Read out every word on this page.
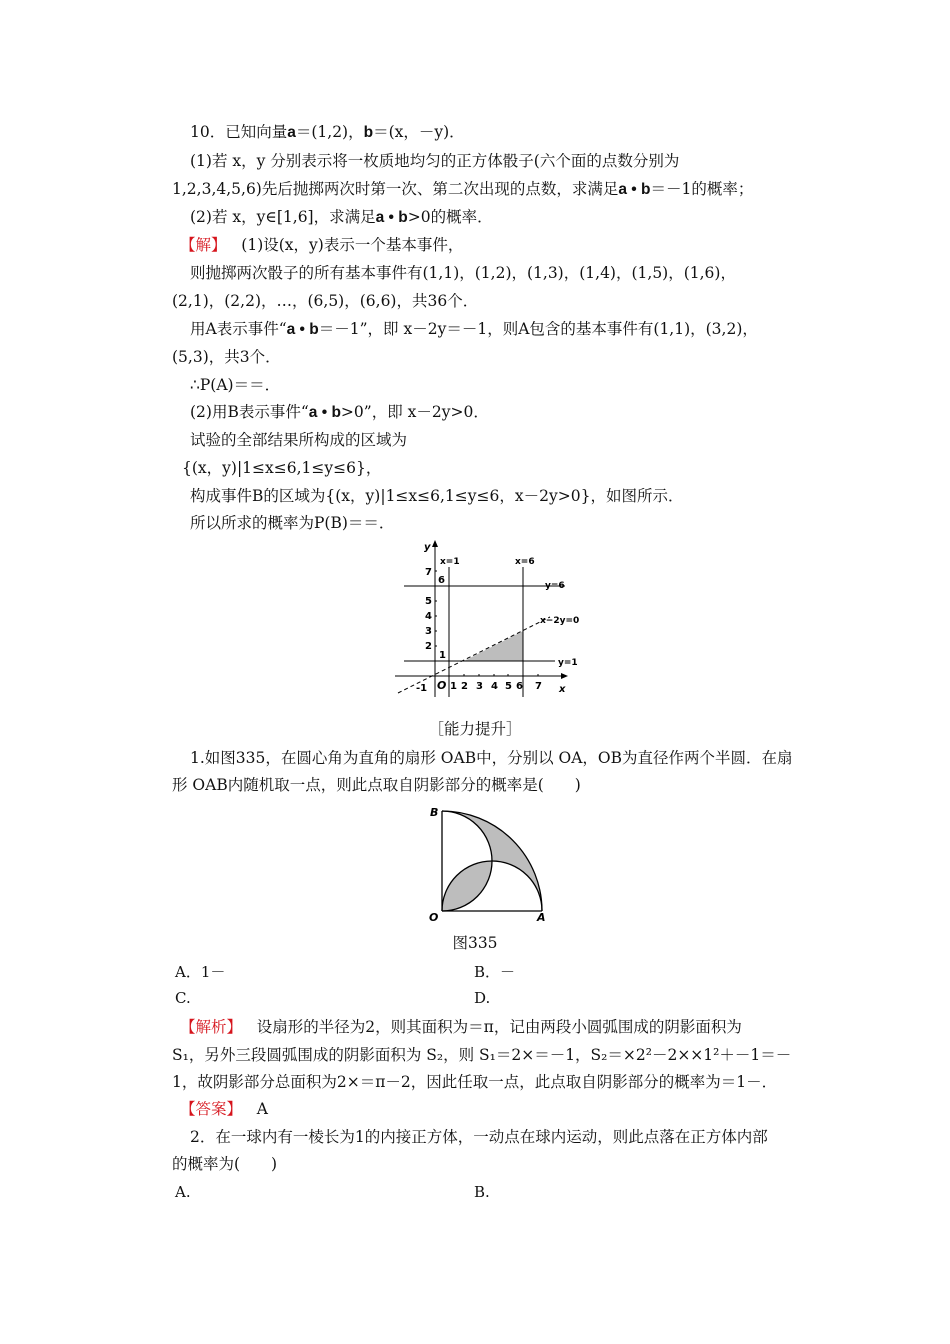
10．已知向量a＝(1,2)，b＝(x，－y)．
(1)若 x，y 分别表示将一枚质地均匀的正方体骰子(六个面的点数分别为
1,2,3,4,5,6)先后抛掷两次时第一次、第二次出现的点数，求满足a • b＝－1的概率；
(2)若 x，y∈[1,6]，求满足a • b>0的概率．
【解】 (1)设(x，y)表示一个基本事件，
则抛掷两次骰子的所有基本事件有(1,1)，(1,2)，(1,3)，(1,4)，(1,5)，(1,6)，
(2,1)，(2,2)，…，(6,5)，(6,6)，共36个．
用A表示事件“a • b＝－1”，即 x－2y＝－1，则A包含的基本事件有(1,1)，(3,2)，
(5,3)，共3个．
∴P(A)＝＝．
(2)用B表示事件“a • b>0”，即 x－2y>0．
试验的全部结果所构成的区域为
{(x，y)|1≤x≤6,1≤y≤6}，
构成事件B的区域为{(x，y)|1≤x≤6,1≤y≤6，x－2y>0}，如图所示．
所以所求的概率为P(B)＝＝．
y
x
O
x=1	x=6
y=6
y=1
x−2y=0
-1 1 2 3 4 5 6 7
1
2
3
4
5
6
7
［能力提升］
1.如图335，在圆心角为直角的扇形 OAB中，分别以 OA，OB为直径作两个半圆．在扇
形 OAB内随机取一点，则此点取自阴影部分的概率是(　　)
B
O	A
图335
A．1－	B．－
C.	D.
【解析】 设扇形的半径为2，则其面积为＝π，记由两段小圆弧围成的阴影面积为
S₁，另外三段圆弧围成的阴影面积为 S₂，则 S₁＝2×＝－1，S₂＝×2²－2××1²＋－1＝－
1，故阴影部分总面积为2×＝π－2，因此任取一点，此点取自阴影部分的概率为＝1－．
【答案】 A
2．在一球内有一棱长为1的内接正方体，一动点在球内运动，则此点落在正方体内部
的概率为(　　)
A.	B.
